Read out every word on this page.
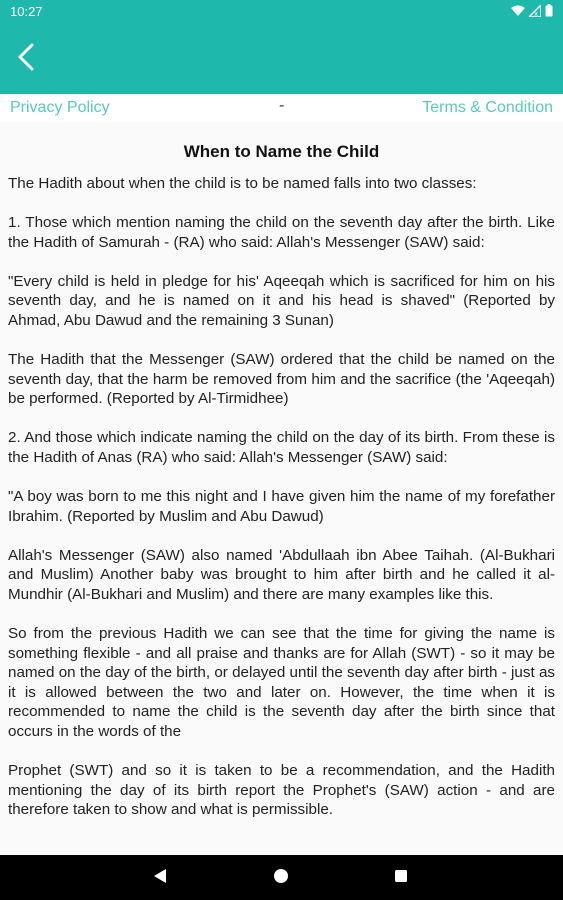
10:27	x
Privacy Policy	-	Terms & Condition
When to Name the Child

The Hadith about when the child is to be named falls into two classes:

1. Those which mention naming the child on the seventh day after the birth. Like the Hadith of Samurah - (RA) who said: Allah's Messenger (SAW) said:

"Every child is held in pledge for his' Aqeeqah which is sacrificed for him on his seventh day, and he is named on it and his head is shaved" (Reported by Ahmad, Abu Dawud and the remaining 3 Sunan)

The Hadith that the Messenger (SAW) ordered that the child be named on the seventh day, that the harm be removed from him and the sacrifice (the 'Aqeeqah) be performed. (Reported by Al-Tirmidhee)

2. And those which indicate naming the child on the day of its birth. From these is the Hadith of Anas (RA) who said: Allah's Messenger (SAW) said:

"A boy was born to me this night and I have given him the name of my forefather Ibrahim. (Reported by Muslim and Abu Dawud)

Allah's Messenger (SAW) also named 'Abdullaah ibn Abee Taihah. (Al-Bukhari and Muslim) Another baby was brought to him after birth and he called it al-Mundhir (Al-Bukhari and Muslim) and there are many examples like this.

So from the previous Hadith we can see that the time for giving the name is something flexible - and all praise and thanks are for Allah (SWT) - so it may be named on the day of the birth, or delayed until the seventh day after birth - just as it is allowed between the two and later on. However, the time when it is recommended to name the child is the seventh day after the birth since that occurs in the words of the

Prophet (SWT) and so it is taken to be a recommendation, and the Hadith mentioning the day of its birth report the Prophet's (SAW) action - and are therefore taken to show and what is permissible.
